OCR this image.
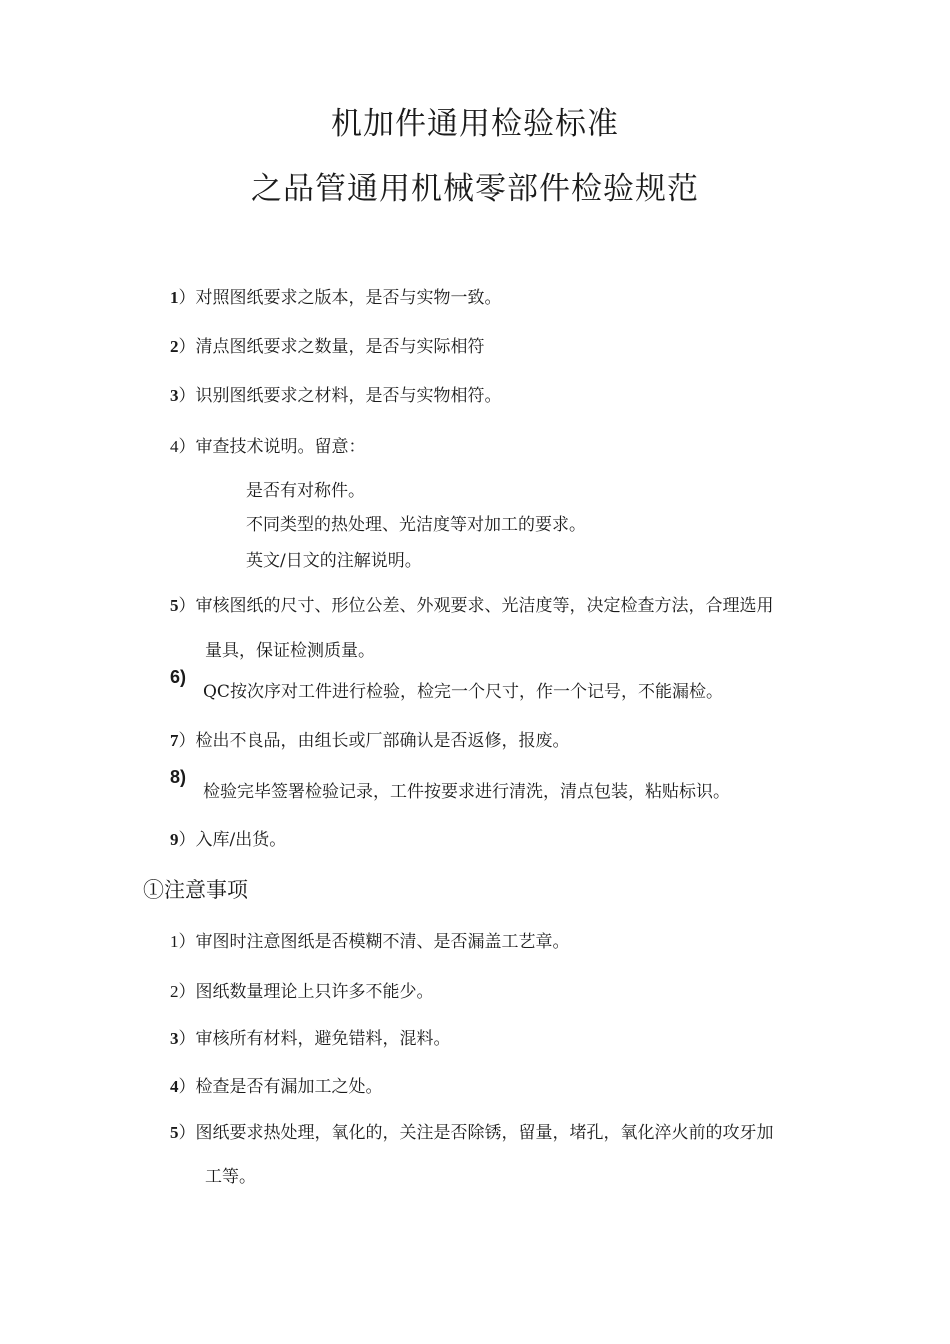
机加件通用检验标准
之品管通用机械零部件检验规范
1）对照图纸要求之版本，是否与实物一致。
2）清点图纸要求之数量，是否与实际相符
3）识别图纸要求之材料，是否与实物相符。
4）审查技术说明。留意：
是否有对称件。
不同类型的热处理、光洁度等对加工的要求。
英文/日文的注解说明。
5）审核图纸的尺寸、形位公差、外观要求、光洁度等，决定检查方法，合理选用
量具，保证检测质量。
6)
QC按次序对工件进行检验，检完一个尺寸，作一个记号，不能漏检。
7）检出不良品，由组长或厂部确认是否返修，报废。
8)
检验完毕签署检验记录，工件按要求进行清洗，清点包装，粘贴标识。
9）入库/出货。
①注意事项
1）审图时注意图纸是否模糊不清、是否漏盖工艺章。
2）图纸数量理论上只许多不能少。
3）审核所有材料，避免错料，混料。
4）检查是否有漏加工之处。
5）图纸要求热处理，氧化的，关注是否除锈，留量，堵孔，氧化淬火前的攻牙加
工等。
